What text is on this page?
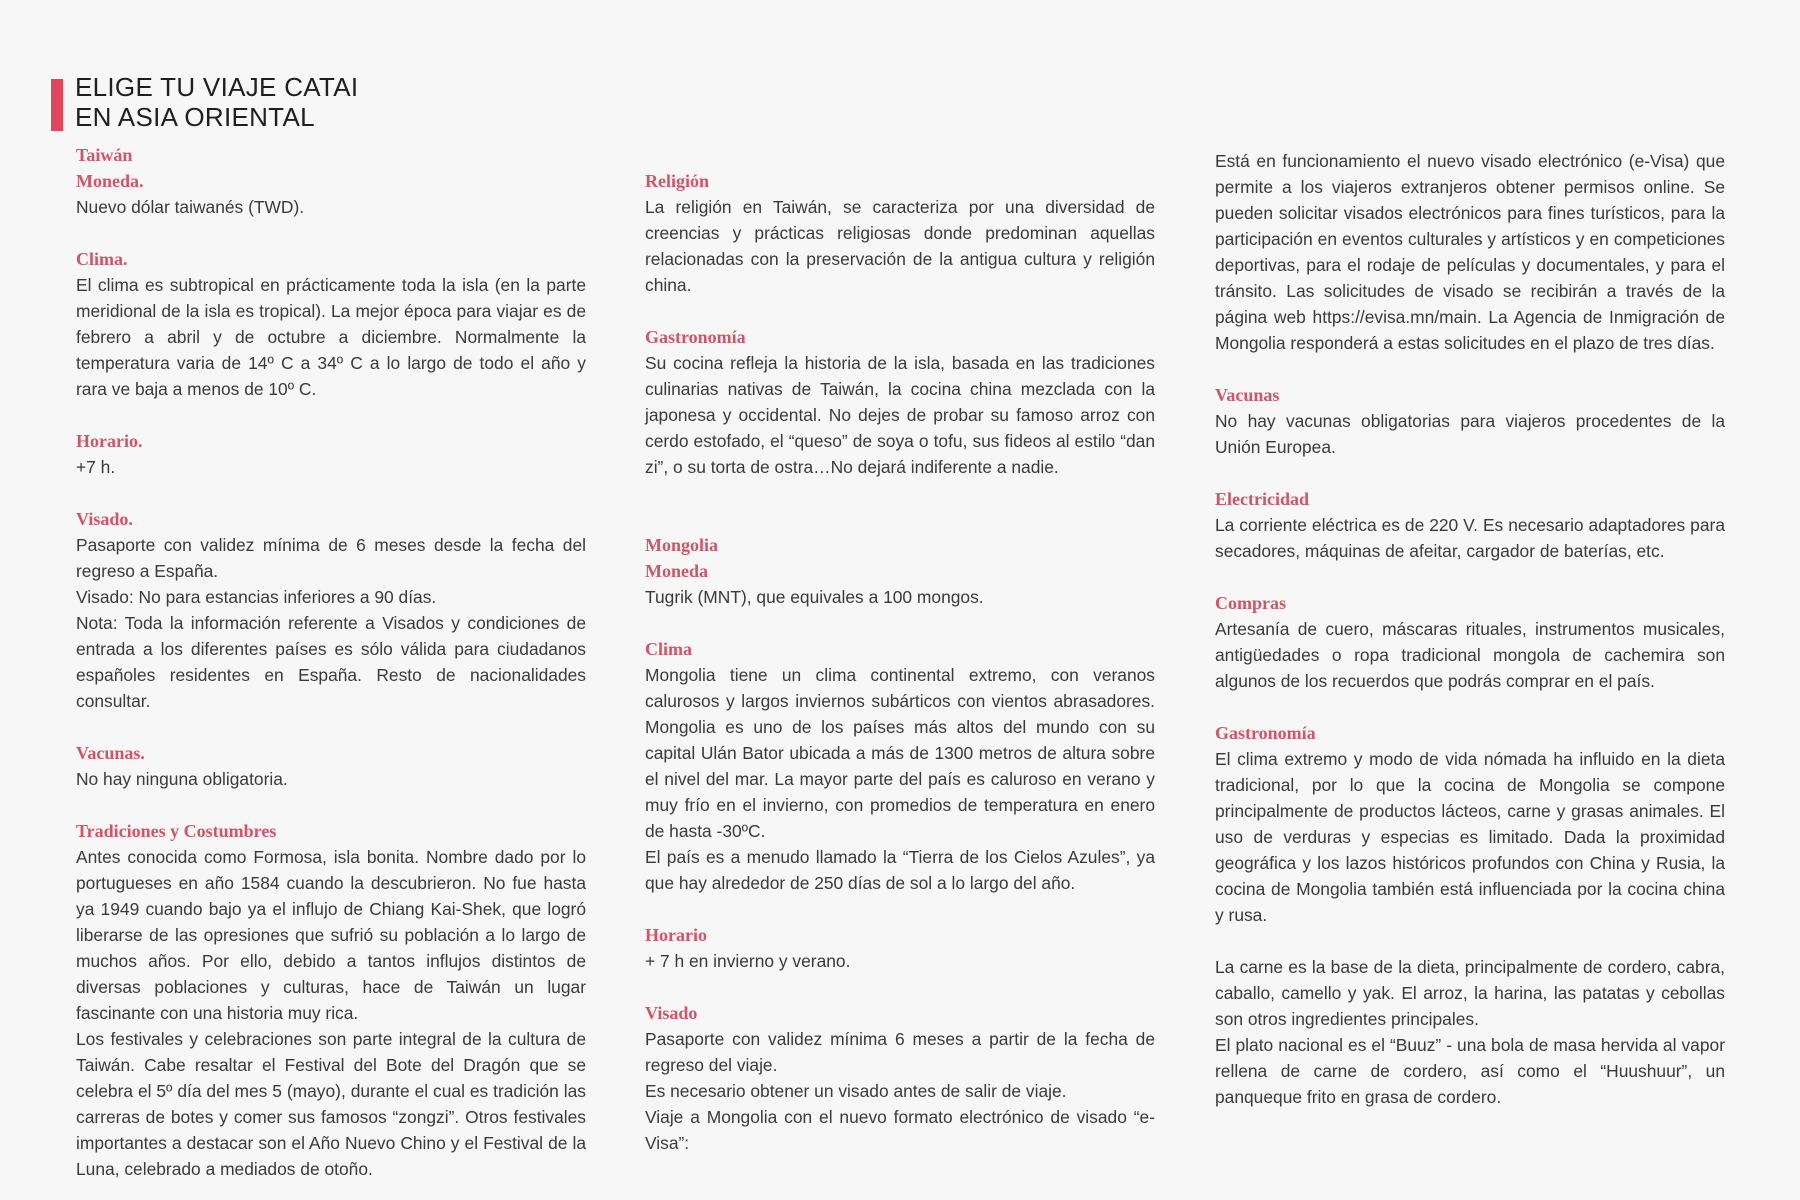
ELIGE TU VIAJE CATAI
EN ASIA ORIENTAL
Taiwán
Moneda.

Nuevo dólar taiwanés (TWD).

Clima.

El clima es subtropical en prácticamente toda la isla (en la parte meridional de la isla es tropical). La mejor época para viajar es de febrero a abril y de octubre a diciembre. Normalmente la temperatura varia de 14º C a 34º C a lo largo de todo el año y rara ve baja a menos de 10º C.

Horario.

+7 h.

Visado.

Pasaporte con validez mínima de 6 meses desde la fecha del regreso a España.

Visado: No para estancias inferiores a 90 días.

Nota: Toda la información referente a Visados y condiciones de entrada a los diferentes países es sólo válida para ciudadanos españoles residentes en España. Resto de nacionalidades consultar.

Vacunas.

No hay ninguna obligatoria.

Tradiciones y Costumbres

Antes conocida como Formosa, isla bonita. Nombre dado por lo portugueses en año 1584 cuando la descubrieron. No fue hasta ya 1949 cuando bajo ya el influjo de Chiang Kai-Shek, que logró liberarse de las opresiones que sufrió su población a lo largo de muchos años. Por ello, debido a tantos influjos distintos de diversas poblaciones y culturas, hace de Taiwán un lugar fascinante con una historia muy rica.

Los festivales y celebraciones son parte integral de la cultura de Taiwán. Cabe resaltar el Festival del Bote del Dragón que se celebra el 5º día del mes 5 (mayo), durante el cual es tradición las carreras de botes y comer sus famosos “zongzi”. Otros festivales importantes a destacar son el Año Nuevo Chino y el Festival de la Luna, celebrado a mediados de otoño.

Religión

La religión en Taiwán, se caracteriza por una diversidad de creencias y prácticas religiosas donde predominan aquellas relacionadas con la preservación de la antigua cultura y religión china.

Gastronomía

Su cocina refleja la historia de la isla, basada en las tradiciones culinarias nativas de Taiwán, la cocina china mezclada con la japonesa y occidental. No dejes de probar su famoso arroz con cerdo estofado, el “queso” de soya o tofu, sus fideos al estilo “dan zi”, o su torta de ostra…No dejará indiferente a nadie.

Mongolia
Moneda

Tugrik (MNT), que equivales a 100 mongos.

Clima

Mongolia tiene un clima continental extremo, con veranos calurosos y largos inviernos subárticos con vientos abrasadores. Mongolia es uno de los países más altos del mundo con su capital Ulán Bator ubicada a más de 1300 metros de altura sobre el nivel del mar. La mayor parte del país es caluroso en verano y muy frío en el invierno, con promedios de temperatura en enero de hasta -30ºC.

El país es a menudo llamado la “Tierra de los Cielos Azules”, ya que hay alrededor de 250 días de sol a lo largo del año.

Horario

+ 7 h en invierno y verano.

Visado

Pasaporte con validez mínima 6 meses a partir de la fecha de regreso del viaje.

Es necesario obtener un visado antes de salir de viaje.

Viaje a Mongolia con el nuevo formato electrónico de visado “e-Visa”:

Está en funcionamiento el nuevo visado electrónico (e-Visa) que permite a los viajeros extranjeros obtener permisos online. Se pueden solicitar visados electrónicos para fines turísticos, para la participación en eventos culturales y artísticos y en competiciones deportivas, para el rodaje de películas y documentales, y para el tránsito. Las solicitudes de visado se recibirán a través de la página web https://evisa.mn/main. La Agencia de Inmigración de Mongolia responderá a estas solicitudes en el plazo de tres días.

Vacunas

No hay vacunas obligatorias para viajeros procedentes de la Unión Europea.

Electricidad

La corriente eléctrica es de 220 V. Es necesario adaptadores para secadores, máquinas de afeitar, cargador de baterías, etc.

Compras

Artesanía de cuero, máscaras rituales, instrumentos musicales, antigüedades o ropa tradicional mongola de cachemira son algunos de los recuerdos que podrás comprar en el país.

Gastronomía

El clima extremo y modo de vida nómada ha influido en la dieta tradicional, por lo que la cocina de Mongolia se compone principalmente de productos lácteos, carne y grasas animales. El uso de verduras y especias es limitado. Dada la proximidad geográfica y los lazos históricos profundos con China y Rusia, la cocina de Mongolia también está influenciada por la cocina china y rusa.

La carne es la base de la dieta, principalmente de cordero, cabra, caballo, camello y yak. El arroz, la harina, las patatas y cebollas son otros ingredientes principales.

El plato nacional es el “Buuz” - una bola de masa hervida al vapor rellena de carne de cordero, así como el “Huushuur”, un panqueque frito en grasa de cordero.
